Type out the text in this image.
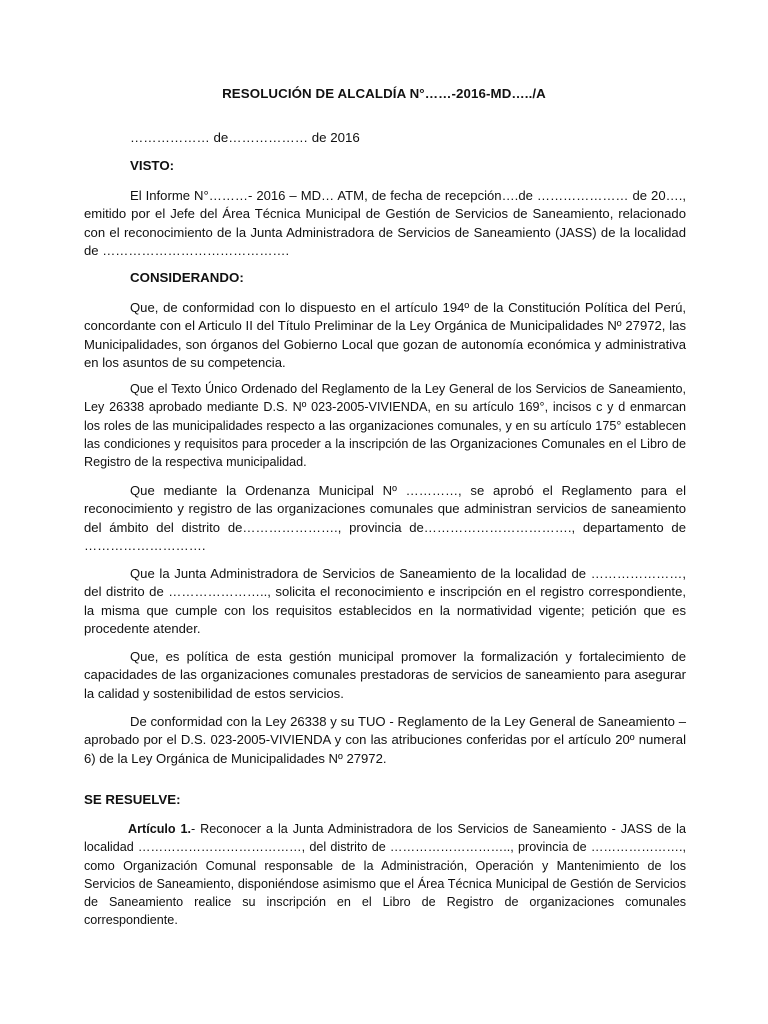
RESOLUCIÓN DE ALCALDÍA N°……-2016-MD…../A
……………… de……………… de 2016
VISTO:

El Informe N°………- 2016 – MD… ATM, de fecha de recepción….de ………………… de 20…., emitido por el Jefe del Área Técnica Municipal de Gestión de Servicios de Saneamiento, relacionado con el reconocimiento de la Junta Administradora de Servicios de Saneamiento (JASS) de la localidad de …………………………………….

CONSIDERANDO:

Que, de conformidad con lo dispuesto en el artículo 194º de la Constitución Política del Perú, concordante con el Articulo II del Título Preliminar de la Ley Orgánica de Municipalidades Nº 27972, las Municipalidades, son órganos del Gobierno Local que gozan de autonomía económica y administrativa en los asuntos de su competencia.

Que el Texto Único Ordenado del Reglamento de la Ley General de los Servicios de Saneamiento, Ley 26338 aprobado mediante D.S. Nº 023-2005-VIVIENDA, en su artículo 169°, incisos c y d enmarcan los roles de las municipalidades respecto a las organizaciones comunales, y en su artículo 175° establecen las condiciones y requisitos para proceder a la inscripción de las Organizaciones Comunales en el Libro de Registro de la respectiva municipalidad.

Que mediante la Ordenanza Municipal Nº …………, se aprobó el Reglamento para el reconocimiento y registro de las organizaciones comunales que administran servicios de saneamiento del ámbito del distrito de…………………., provincia de……………………………., departamento de ……………………….

Que la Junta Administradora de Servicios de Saneamiento de la localidad de …………………, del distrito de ………………….., solicita el reconocimiento e inscripción en el registro correspondiente, la misma que cumple con los requisitos establecidos en la normatividad vigente; petición que es procedente atender.

Que, es política de esta gestión municipal promover la formalización y fortalecimiento de capacidades de las organizaciones comunales prestadoras de servicios de saneamiento para asegurar la calidad y sostenibilidad de estos servicios.

De conformidad con la Ley 26338 y su TUO - Reglamento de la Ley General de Saneamiento – aprobado por el D.S. 023-2005-VIVIENDA y con las atribuciones conferidas por el artículo 20º numeral 6) de la Ley Orgánica de Municipalidades Nº 27972.

SE RESUELVE:

Artículo 1.- Reconocer a la Junta Administradora de los Servicios de Saneamiento - JASS de la localidad …………………………………, del distrito de ……………………….., provincia de …………………., como Organización Comunal responsable de la Administración, Operación y Mantenimiento de los Servicios de Saneamiento, disponiéndose asimismo que el Área Técnica Municipal de Gestión de Servicios de Saneamiento realice su inscripción en el Libro de Registro de organizaciones comunales correspondiente.
